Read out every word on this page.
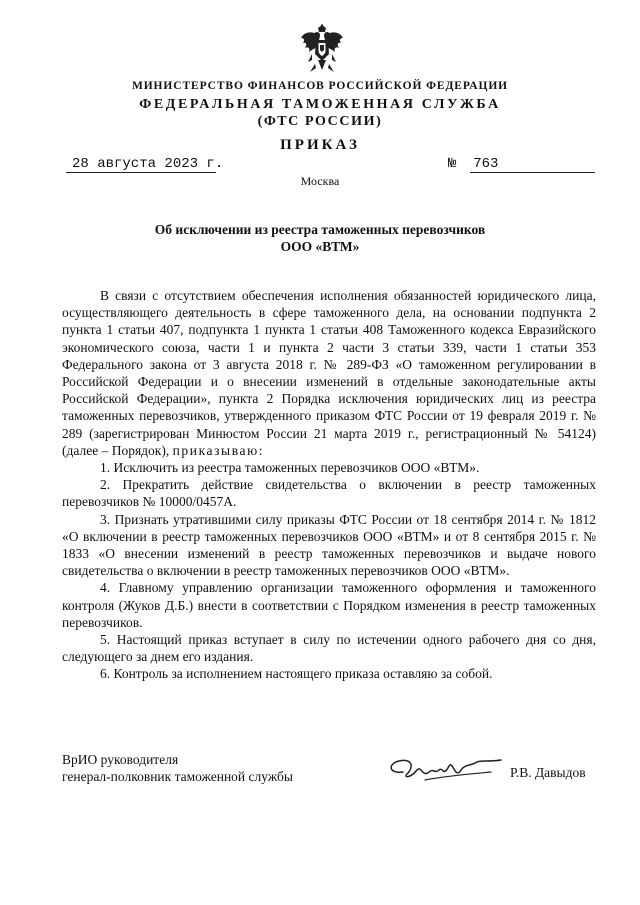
МИНИСТЕРСТВО ФИНАНСОВ РОССИЙСКОЙ ФЕДЕРАЦИИ
ФЕДЕРАЛЬНАЯ ТАМОЖЕННАЯ СЛУЖБА
(ФТС РОССИИ)
ПРИКАЗ
28 августа 2023 г.	№ 763
Москва
Об исключении из реестра таможенных перевозчиков
ООО «ВТМ»

В связи с отсутствием обеспечения исполнения обязанностей юридического лица, осуществляющего деятельность в сфере таможенного дела, на основании подпункта 2 пункта 1 статьи 407, подпункта 1 пункта 1 статьи 408 Таможенного кодекса Евразийского экономического союза, части 1 и пункта 2 части 3 статьи 339, части 1 статьи 353 Федерального закона от 3 августа 2018 г. № 289-ФЗ «О таможенном регулировании в Российской Федерации и о внесении изменений в отдельные законодательные акты Российской Федерации», пункта 2 Порядка исключения юридических лиц из реестра таможенных перевозчиков, утвержденного приказом ФТС России от 19 февраля 2019 г. № 289 (зарегистрирован Минюстом России 21 марта 2019 г., регистрационный № 54124) (далее – Порядок), приказываю:

1. Исключить из реестра таможенных перевозчиков ООО «ВТМ».

2. Прекратить действие свидетельства о включении в реестр таможенных перевозчиков № 10000/0457А.

3. Признать утратившими силу приказы ФТС России от 18 сентября 2014 г. № 1812 «О включении в реестр таможенных перевозчиков ООО «ВТМ» и от 8 сентября 2015 г. № 1833 «О внесении изменений в реестр таможенных перевозчиков и выдаче нового свидетельства о включении в реестр таможенных перевозчиков ООО «ВТМ».

4. Главному управлению организации таможенного оформления и таможенного контроля (Жуков Д.Б.) внести в соответствии с Порядком изменения в реестр таможенных перевозчиков.

5. Настоящий приказ вступает в силу по истечении одного рабочего дня со дня, следующего за днем его издания.

6. Контроль за исполнением настоящего приказа оставляю за собой.

ВрИО руководителя
генерал-полковник таможенной службы	Р.В. Давыдов
